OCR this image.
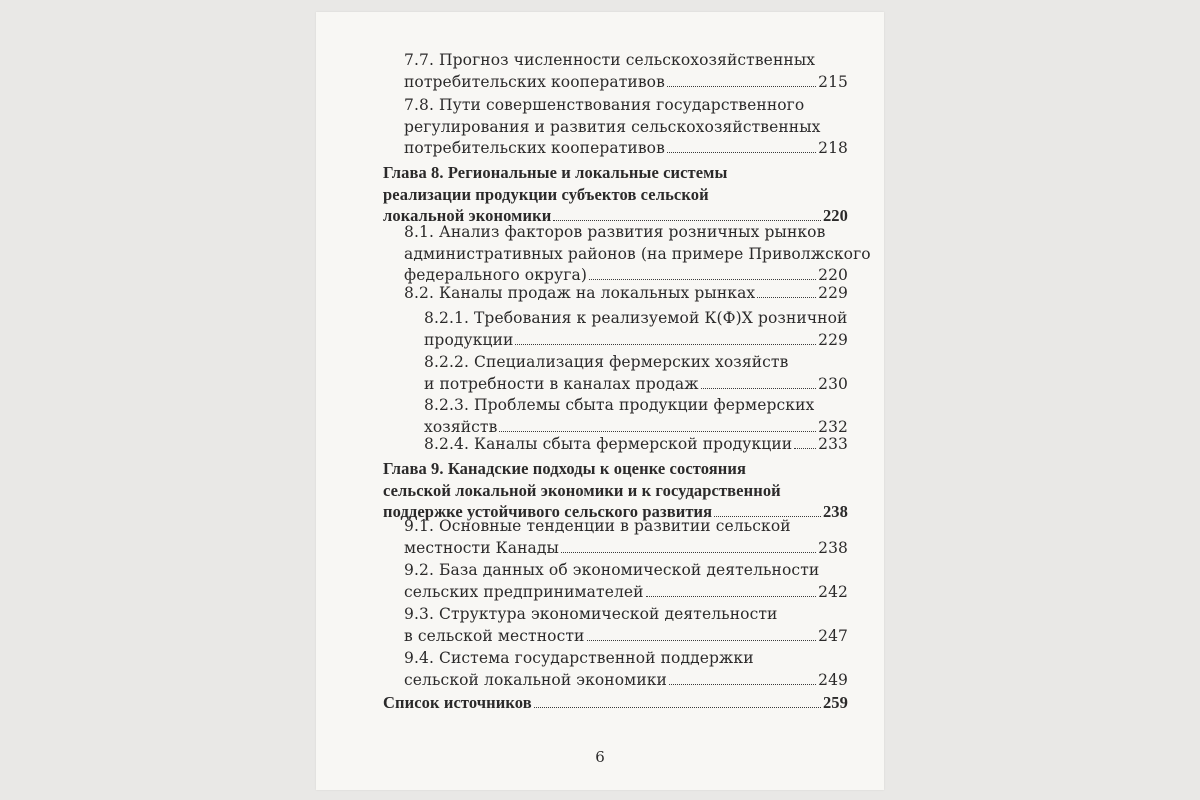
7.7. Прогноз численности сельскохозяйственных
потребительских кооперативов	215
7.8. Пути совершенствования государственного
регулирования и развития сельскохозяйственных
потребительских кооперативов	218
Глава 8. Региональные и локальные системы
реализации продукции субъектов сельской
локальной экономики	220
8.1. Анализ факторов развития розничных рынков
административных районов (на примере Приволжского
федерального округа)	220
8.2. Каналы продаж на локальных рынках	229
8.2.1. Требования к реализуемой К(Ф)Х розничной
продукции	229
8.2.2. Специализация фермерских хозяйств
и потребности в каналах продаж	230
8.2.3. Проблемы сбыта продукции фермерских
хозяйств	232
8.2.4. Каналы сбыта фермерской продукции 233
Глава 9. Канадские подходы к оценке состояния
сельской локальной экономики и к государственной
поддержке устойчивого сельского развития	238
9.1. Основные тенденции в развитии сельской
местности Канады	238
9.2. База данных об экономической деятельности
сельских предпринимателей	242
9.3. Структура экономической деятельности
в сельской местности	247
9.4. Система государственной поддержки
сельской локальной экономики	249
Список источников	259
6
